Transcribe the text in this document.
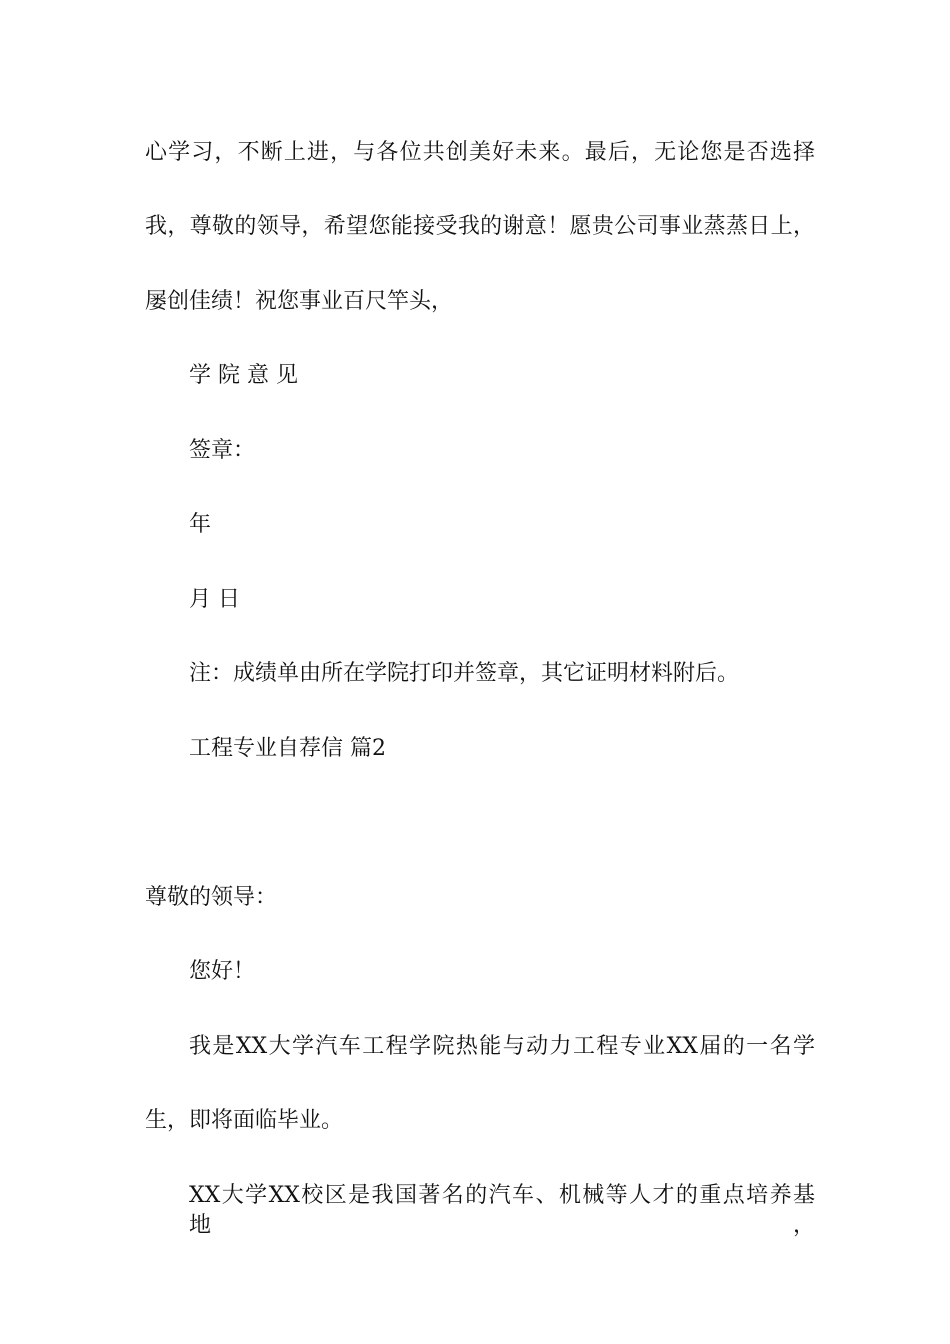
心学习，不断上进，与各位共创美好未来。最后，无论您是否选择
我，尊敬的领导，希望您能接受我的谢意！愿贵公司事业蒸蒸日上，
屡创佳绩！祝您事业百尺竿头，
学 院 意 见
签章：
年
月 日
注：成绩单由所在学院打印并签章，其它证明材料附后。
工程专业自荐信 篇2
尊敬的领导：
您好！
我是XX大学汽车工程学院热能与动力工程专业XX届的一名学
生，即将面临毕业。
XX大学XX校区是我国著名的汽车、机械等人才的重点培养基地，
